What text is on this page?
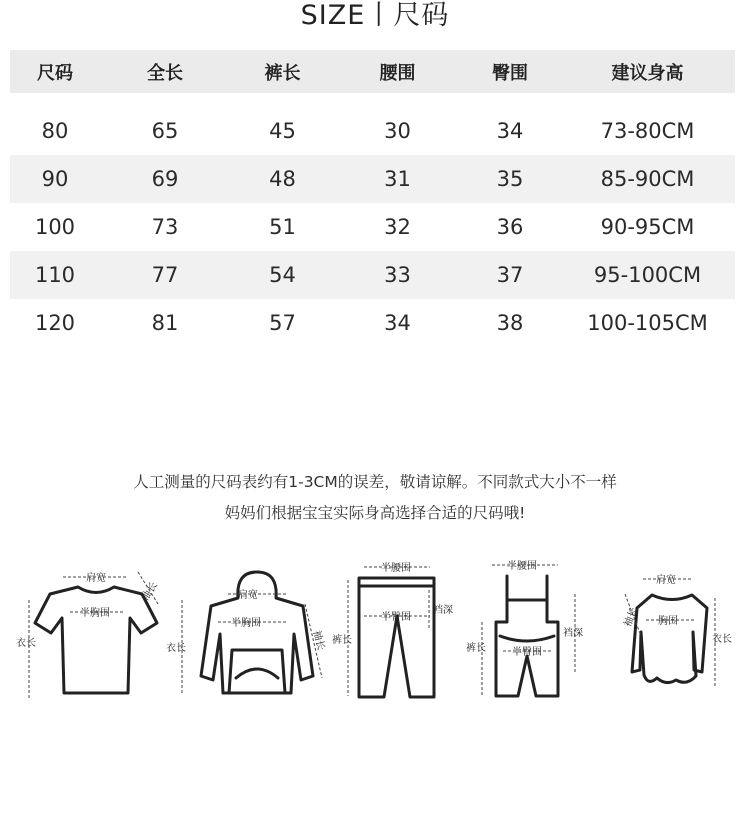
SIZE丨尺码
尺码	全长	裤长	腰围	臀围	建议身高

80	65	45	30	34	73-80CM
90	69	48	31	35	85-90CM
100	73	51	32	36	90-95CM
110	77	54	33	37	95-100CM
120	81	57	34	38	100-105CM
人工测量的尺码表约有1-3CM的误差，敬请谅解。不同款式大小不一样
妈妈们根据宝宝实际身高选择合适的尺码哦!
肩宽
袖长
半胸围
衣长
肩宽
半胸围
衣长	袖长
半腰围
半臀围
裆深
裤长
半腰围
半臀围
裆深
裤长
肩宽
袖长 胸围
衣长
